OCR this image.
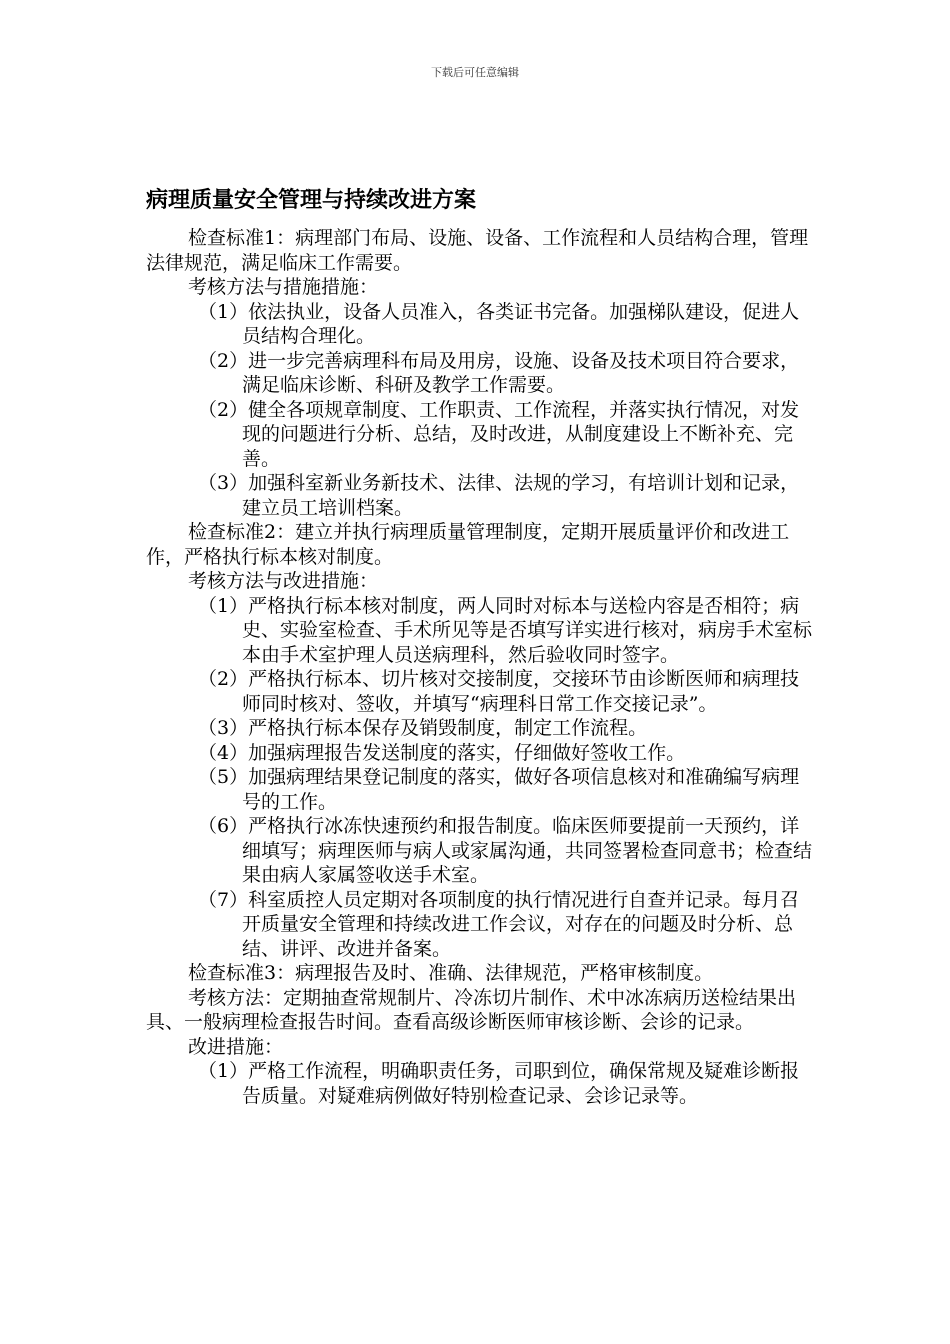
下载后可任意编辑
病理质量安全管理与持续改进方案

检查标准1：病理部门布局、设施、设备、工作流程和人员结构合理，管理法律规范，满足临床工作需要。

考核方法与措施措施：

（1）依法执业，设备人员准入，各类证书完备。加强梯队建设，促进人员结构合理化。

（2）进一步完善病理科布局及用房，设施、设备及技术项目符合要求，满足临床诊断、科研及教学工作需要。

（2）健全各项规章制度、工作职责、工作流程，并落实执行情况，对发现的问题进行分析、总结，及时改进，从制度建设上不断补充、完善。

（3）加强科室新业务新技术、法律、法规的学习，有培训计划和记录，建立员工培训档案。

检查标准2：建立并执行病理质量管理制度，定期开展质量评价和改进工作，严格执行标本核对制度。

考核方法与改进措施：

（1）严格执行标本核对制度，两人同时对标本与送检内容是否相符；病史、实验室检查、手术所见等是否填写详实进行核对，病房手术室标本由手术室护理人员送病理科，然后验收同时签字。

（2）严格执行标本、切片核对交接制度，交接环节由诊断医师和病理技师同时核对、签收，并填写“病理科日常工作交接记录”。

（3）严格执行标本保存及销毁制度，制定工作流程。

（4）加强病理报告发送制度的落实，仔细做好签收工作。

（5）加强病理结果登记制度的落实，做好各项信息核对和准确编写病理号的工作。

（6）严格执行冰冻快速预约和报告制度。临床医师要提前一天预约，详细填写；病理医师与病人或家属沟通，共同签署检查同意书；检查结果由病人家属签收送手术室。

（7）科室质控人员定期对各项制度的执行情况进行自查并记录。每月召开质量安全管理和持续改进工作会议，对存在的问题及时分析、总结、讲评、改进并备案。

检查标准3：病理报告及时、准确、法律规范，严格审核制度。

考核方法：定期抽查常规制片、冷冻切片制作、术中冰冻病历送检结果出具、一般病理检查报告时间。查看高级诊断医师审核诊断、会诊的记录。

改进措施：

（1）严格工作流程，明确职责任务，司职到位，确保常规及疑难诊断报告质量。对疑难病例做好特别检查记录、会诊记录等。
